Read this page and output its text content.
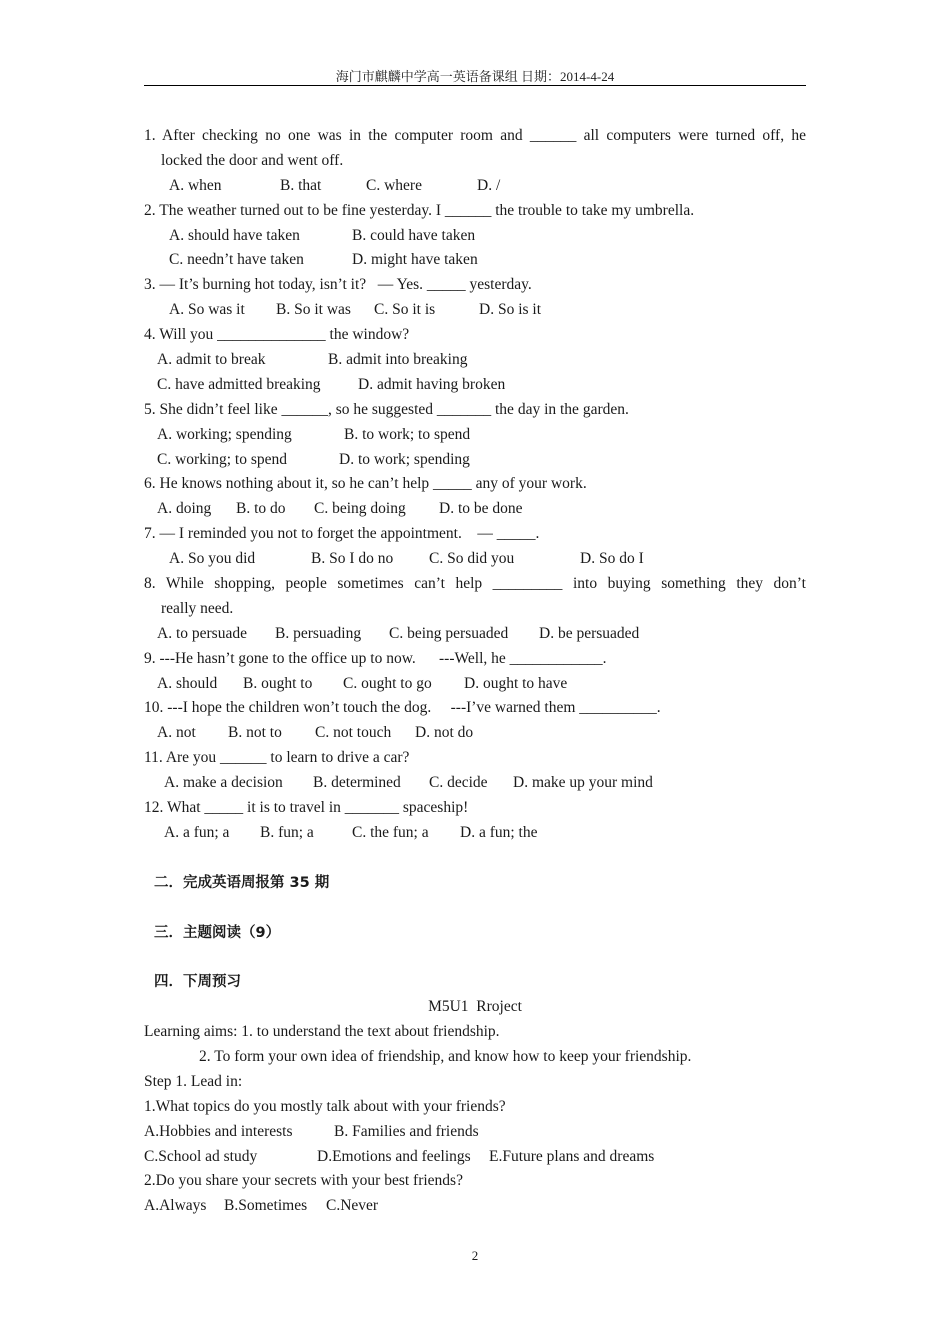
海门市麒麟中学高一英语备课组 日期：2014-4-24
1. After checking no one was in the computer room and ______ all computers were turned off, he
locked the door and went off.
A. when	B. that	C. where	D. /
2. The weather turned out to be fine yesterday. I ______ the trouble to take my umbrella.
A. should have taken	B. could have taken
C. needn’t have taken	D. might have taken
3. — It’s burning hot today, isn’t it?   — Yes. _____ yesterday.
A. So was it	B. So it was	C. So it is	D. So is it
4. Will you ______________ the window?
A. admit to break	B. admit into breaking
C. have admitted breaking	D. admit having broken
5. She didn’t feel like ______, so he suggested _______ the day in the garden.
A. working; spending	B. to work; to spend
C. working; to spend	D. to work; spending
6. He knows nothing about it, so he can’t help _____ any of your work.
A. doing	B. to do	C. being doing	D. to be done
7. — I reminded you not to forget the appointment.    — _____.
A. So you did	B. So I do no	C. So did you	D. So do I
8. While shopping, people sometimes can’t help _________ into buying something they don’t
really need.
A. to persuade	B. persuading	C. being persuaded	D. be persuaded
9. ---He hasn’t gone to the office up to now.      ---Well, he ____________.
A. should	B. ought to	C. ought to go	D. ought to have
10. ---I hope the children won’t touch the dog.     ---I’ve warned them __________.
A. not	B. not to	C. not touch	D. not do
11. Are you ______ to learn to drive a car?
A. make a decision	B. determined	C. decide	D. make up your mind
12. What _____ it is to travel in _______ spaceship!
A. a fun; a	B. fun; a	C. the fun; a	D. a fun; the
二．完成英语周报第 35 期
三．主题阅读（9）
四．下周预习
M5U1  Rroject
Learning aims: 1. to understand the text about friendship.
2. To form your own idea of friendship, and know how to keep your friendship.
Step 1. Lead in:
1.What topics do you mostly talk about with your friends?
A.Hobbies and interests	B. Families and friends
C.School ad study	D.Emotions and feelings	E.Future plans and dreams
2.Do you share your secrets with your best friends?
A.Always	B.Sometimes	C.Never
2
